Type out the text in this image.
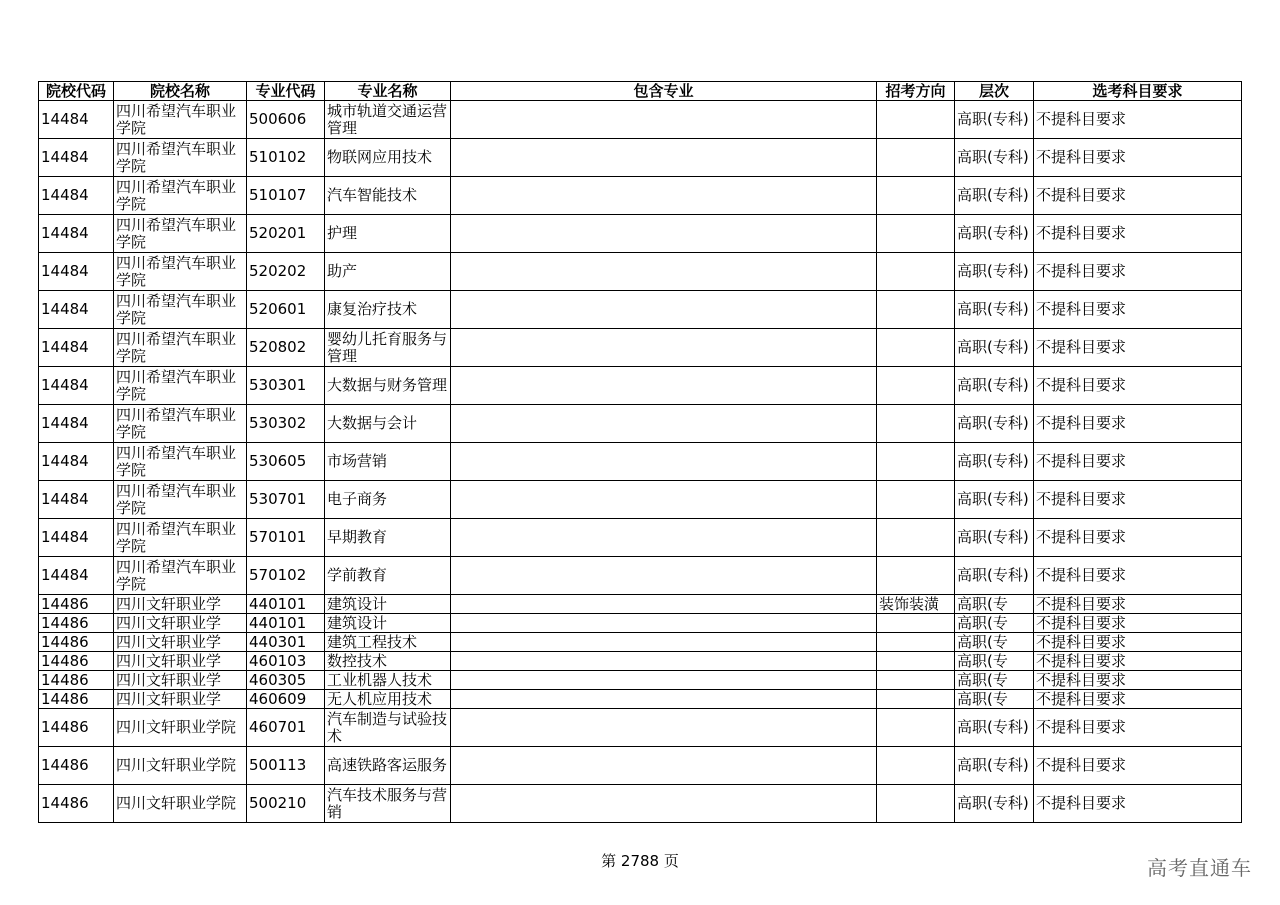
院校代码	院校名称	专业代码	专业名称	包含专业	招考方向	层次	选考科目要求
14484	四川希望汽车职业学院	500606	城市轨道交通运营管理			高职(专科)	不提科目要求
14484	四川希望汽车职业学院	510102	物联网应用技术			高职(专科)	不提科目要求
14484	四川希望汽车职业学院	510107	汽车智能技术			高职(专科)	不提科目要求
14484	四川希望汽车职业学院	520201	护理			高职(专科)	不提科目要求
14484	四川希望汽车职业学院	520202	助产			高职(专科)	不提科目要求
14484	四川希望汽车职业学院	520601	康复治疗技术			高职(专科)	不提科目要求
14484	四川希望汽车职业学院	520802	婴幼儿托育服务与管理			高职(专科)	不提科目要求
14484	四川希望汽车职业学院	530301	大数据与财务管理			高职(专科)	不提科目要求
14484	四川希望汽车职业学院	530302	大数据与会计			高职(专科)	不提科目要求
14484	四川希望汽车职业学院	530605	市场营销			高职(专科)	不提科目要求
14484	四川希望汽车职业学院	530701	电子商务			高职(专科)	不提科目要求
14484	四川希望汽车职业学院	570101	早期教育			高职(专科)	不提科目要求
14484	四川希望汽车职业学院	570102	学前教育			高职(专科)	不提科目要求
14486	四川文轩职业学	440101	建筑设计		装饰装潢	高职(专	不提科目要求
14486	四川文轩职业学	440101	建筑设计			高职(专	不提科目要求
14486	四川文轩职业学	440301	建筑工程技术			高职(专	不提科目要求
14486	四川文轩职业学	460103	数控技术			高职(专	不提科目要求
14486	四川文轩职业学	460305	工业机器人技术			高职(专	不提科目要求
14486	四川文轩职业学	460609	无人机应用技术			高职(专	不提科目要求
14486	四川文轩职业学院	460701	汽车制造与试验技术			高职(专科)	不提科目要求
14486	四川文轩职业学院	500113	高速铁路客运服务			高职(专科)	不提科目要求
14486	四川文轩职业学院	500210	汽车技术服务与营销			高职(专科)	不提科目要求
第 2788 页	高考直通车
